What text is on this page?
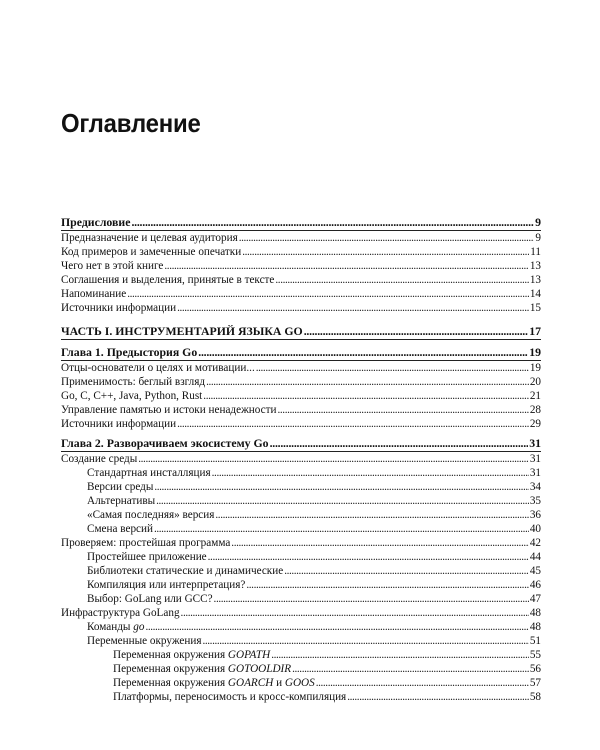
Оглавление
Предисловие . . .	9
Предназначение и целевая аудитория . . .	9
Код примеров и замеченные опечатки . . .	11
Чего нет в этой книге . . .	13
Соглашения и выделения, принятые в тексте . . .	13
Напоминание . . .	14
Источники информации . . .	15
ЧАСТЬ I. ИНСТРУМЕНТАРИЙ ЯЗЫКА GO . . .	17
Глава 1. Предыстория Go . . .	19
Отцы-основатели о целях и мотивации... . . .	19
Применимость: беглый взгляд . . .	20
Go, C, C++, Java, Python, Rust . . .	21
Управление памятью и истоки ненадежности . . .	28
Источники информации . . .	29
Глава 2. Разворачиваем экосистему Go . . .	31
Создание среды . . .	31
Стандартная инсталляция . . .	31
Версии среды . . .	34
Альтернативы . . .	35
«Самая последняя» версия . . .	36
Смена версий . . .	40
Проверяем: простейшая программа . . .	42
Простейшее приложение . . .	44
Библиотеки статические и динамические . . .	45
Компиляция или интерпретация? . . .	46
Выбор: GoLang или GCC? . . .	47
Инфраструктура GoLang . . .	48
Команды go . . .	48
Переменные окружения . . .	51
Переменная окружения GOPATH . . .	55
Переменная окружения GOTOOLDIR . . .	56
Переменная окружения GOARCH и GOOS . . .	57
Платформы, переносимость и кросс-компиляция . . .	58
